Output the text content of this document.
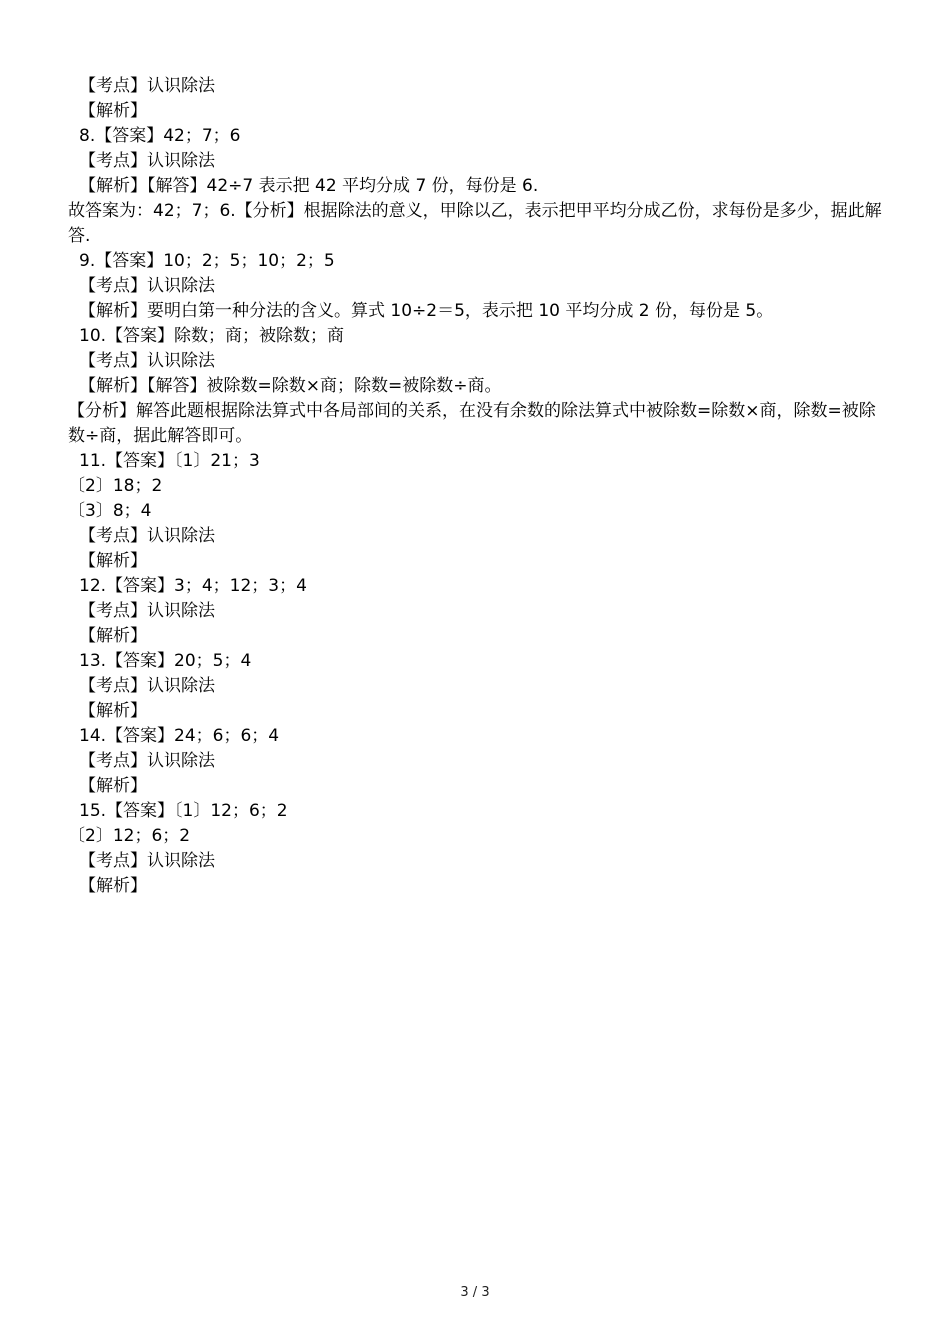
【考点】认识除法

【解析】

8.【答案】42；7；6

【考点】认识除法

【解析】【解答】42÷7 表示把 42 平均分成 7 份，每份是 6.

故答案为：42；7；6.【分析】根据除法的意义，甲除以乙，表示把甲平均分成乙份，求每份是多少，据此解答.

9.【答案】10；2；5；10；2；5

【考点】认识除法

【解析】要明白第一种分法的含义。算式 10÷2＝5，表示把 10 平均分成 2 份，每份是 5。

10.【答案】除数；商；被除数；商

【考点】认识除法

【解析】【解答】被除数=除数×商；除数=被除数÷商。

【分析】解答此题根据除法算式中各局部间的关系，在没有余数的除法算式中被除数=除数×商，除数=被除数÷商，据此解答即可。

11.【答案】〔1〕21；3

〔2〕18；2

〔3〕8；4

【考点】认识除法

【解析】

12.【答案】3；4；12；3；4

【考点】认识除法

【解析】

13.【答案】20；5；4

【考点】认识除法

【解析】

14.【答案】24；6；6；4

【考点】认识除法

【解析】

15.【答案】〔1〕12；6；2

〔2〕12；6；2

【考点】认识除法

【解析】

3 / 3
